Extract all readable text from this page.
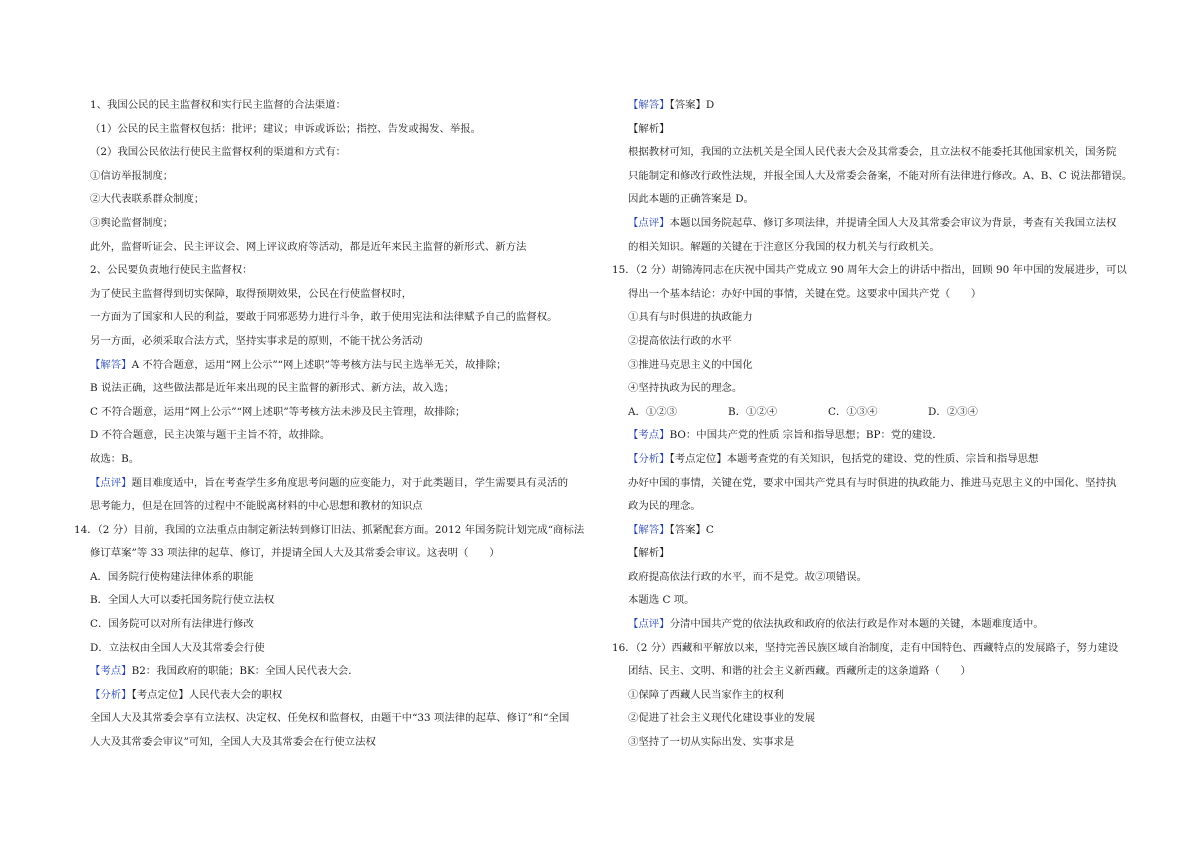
1、我国公民的民主监督权和实行民主监督的合法渠道：
（1）公民的民主监督权包括：批评；建议；申诉或诉讼；指控、告发或揭发、举报。
（2）我国公民依法行使民主监督权利的渠道和方式有：
①信访举报制度；
②大代表联系群众制度；
③舆论监督制度；
此外，监督听证会、民主评议会、网上评议政府等活动，都是近年来民主监督的新形式、新方法
2、公民要负责地行使民主监督权：
为了使民主监督得到切实保障，取得预期效果，公民在行使监督权时，
一方面为了国家和人民的利益，要敢于同邪恶势力进行斗争，敢于使用宪法和法律赋予自己的监督权。
另一方面，必须采取合法方式，坚持实事求是的原则，不能干扰公务活动
【解答】A 不符合题意，运用“网上公示”“网上述职”等考核方法与民主选举无关，故排除；
B 说法正确，这些做法都是近年来出现的民主监督的新形式、新方法，故入选；
C 不符合题意，运用“网上公示”“网上述职”等考核方法未涉及民主管理，故排除；
D 不符合题意，民主决策与题干主旨不符，故排除。
故选：B。
【点评】题目难度适中，旨在考查学生多角度思考问题的应变能力，对于此类题目，学生需要具有灵活的
思考能力，但是在回答的过程中不能脱离材料的中心思想和教材的知识点
14．（2 分）目前，我国的立法重点由制定新法转到修订旧法、抓紧配套方面。2012 年国务院计划完成“商标法
修订草案”等 33 项法律的起草、修订，并提请全国人大及其常委会审议。这表明（　　）
A．国务院行使构建法律体系的职能
B．全国人大可以委托国务院行使立法权
C．国务院可以对所有法律进行修改
D．立法权由全国人大及其常委会行使
【考点】B2：我国政府的职能；BK：全国人民代表大会．
【分析】【考点定位】人民代表大会的职权
全国人大及其常委会享有立法权、决定权、任免权和监督权，由题干中“33 项法律的起草、修订”和“全国
人大及其常委会审议”可知，全国人大及其常委会在行使立法权
【解答】【答案】D
【解析】
根据教材可知，我国的立法机关是全国人民代表大会及其常委会，且立法权不能委托其他国家机关，国务院
只能制定和修改行政性法规，并报全国人大及常委会备案，不能对所有法律进行修改。A、B、C 说法都错误。
因此本题的正确答案是 D。
【点评】本题以国务院起草、修订多项法律，并提请全国人大及其常委会审议为背景，考查有关我国立法权
的相关知识。解题的关键在于注意区分我国的权力机关与行政机关。
15．（2 分）胡锦涛同志在庆祝中国共产党成立 90 周年大会上的讲话中指出，回顾 90 年中国的发展进步，可以
得出一个基本结论：办好中国的事情，关键在党。这要求中国共产党（　　）
①具有与时俱进的执政能力
②提高依法行政的水平
③推进马克思主义的中国化
④坚持执政为民的理念。
A．①②③	B．①②④	C．①③④	D．②③④
【考点】BO：中国共产党的性质 宗旨和指导思想；BP：党的建设．
【分析】【考点定位】本题考查党的有关知识，包括党的建设、党的性质、宗旨和指导思想
办好中国的事情，关键在党，要求中国共产党具有与时俱进的执政能力、推进马克思主义的中国化、坚持执
政为民的理念。
【解答】【答案】C
【解析】
政府提高依法行政的水平，而不是党。故②项错误。
本题选 C 项。
【点评】分清中国共产党的依法执政和政府的依法行政是作对本题的关键，本题难度适中。
16．（2 分）西藏和平解放以来，坚持完善民族区域自治制度，走有中国特色、西藏特点的发展路子，努力建设
团结、民主、文明、和谐的社会主义新西藏。西藏所走的这条道路（　　）
①保障了西藏人民当家作主的权利
②促进了社会主义现代化建设事业的发展
③坚持了一切从实际出发、实事求是
